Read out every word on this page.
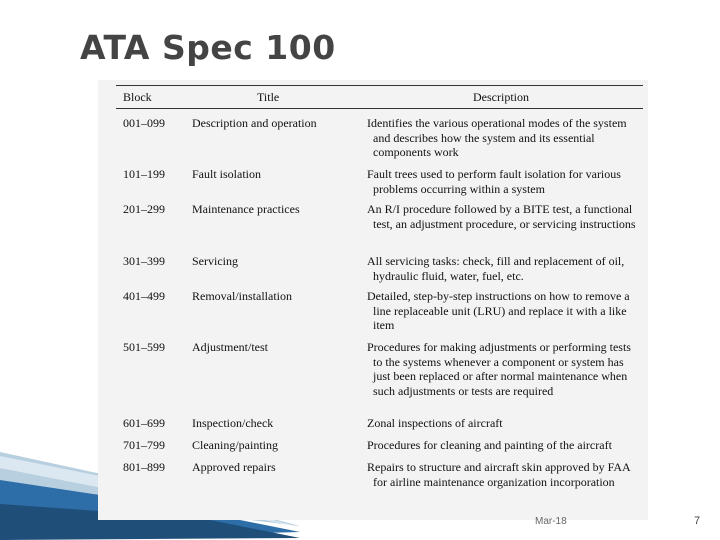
ATA Spec 100
Block	Title	Description
001–099	Description and operation	Identifies the various operational modes of the system and describes how the system and its essential components work
101–199	Fault isolation	Fault trees used to perform fault isolation for various problems occurring within a system
201–299	Maintenance practices	An R/I procedure followed by a BITE test, a functional test, an adjustment procedure, or servicing instructions
301–399	Servicing	All servicing tasks: check, fill and replacement of oil, hydraulic fluid, water, fuel, etc.
401–499	Removal/installation	Detailed, step-by-step instructions on how to remove a line replaceable unit (LRU) and replace it with a like item
501–599	Adjustment/test	Procedures for making adjustments or performing tests to the systems whenever a component or system has just been replaced or after normal maintenance when such adjustments or tests are required
601–699	Inspection/check	Zonal inspections of aircraft
701–799	Cleaning/painting	Procedures for cleaning and painting of the aircraft
801–899	Approved repairs	Repairs to structure and aircraft skin approved by FAA for airline maintenance organization incorporation
Mar-18	7
